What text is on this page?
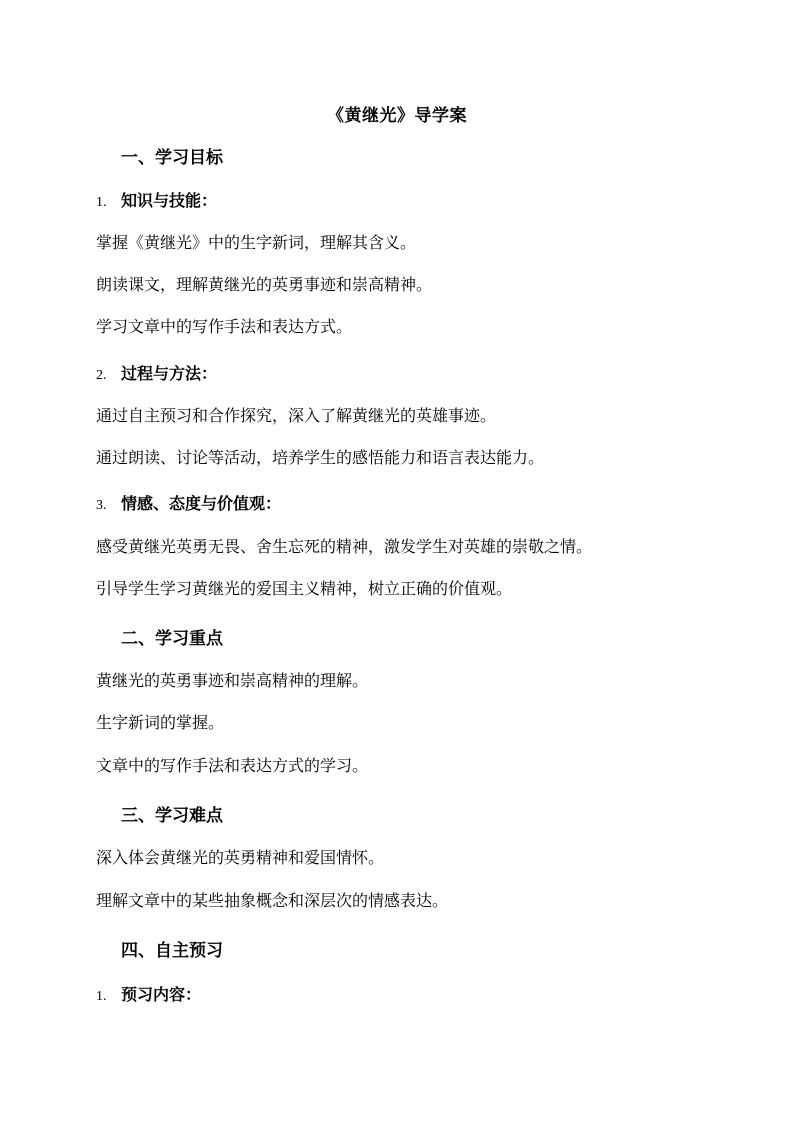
《黄继光》导学案
一、学习目标
1. 知识与技能：
掌握《黄继光》中的生字新词，理解其含义。
朗读课文，理解黄继光的英勇事迹和崇高精神。
学习文章中的写作手法和表达方式。
2. 过程与方法：
通过自主预习和合作探究，深入了解黄继光的英雄事迹。
通过朗读、讨论等活动，培养学生的感悟能力和语言表达能力。
3. 情感、态度与价值观：
感受黄继光英勇无畏、舍生忘死的精神，激发学生对英雄的崇敬之情。
引导学生学习黄继光的爱国主义精神，树立正确的价值观。
二、学习重点
黄继光的英勇事迹和崇高精神的理解。
生字新词的掌握。
文章中的写作手法和表达方式的学习。
三、学习难点
深入体会黄继光的英勇精神和爱国情怀。
理解文章中的某些抽象概念和深层次的情感表达。
四、自主预习
1. 预习内容：
